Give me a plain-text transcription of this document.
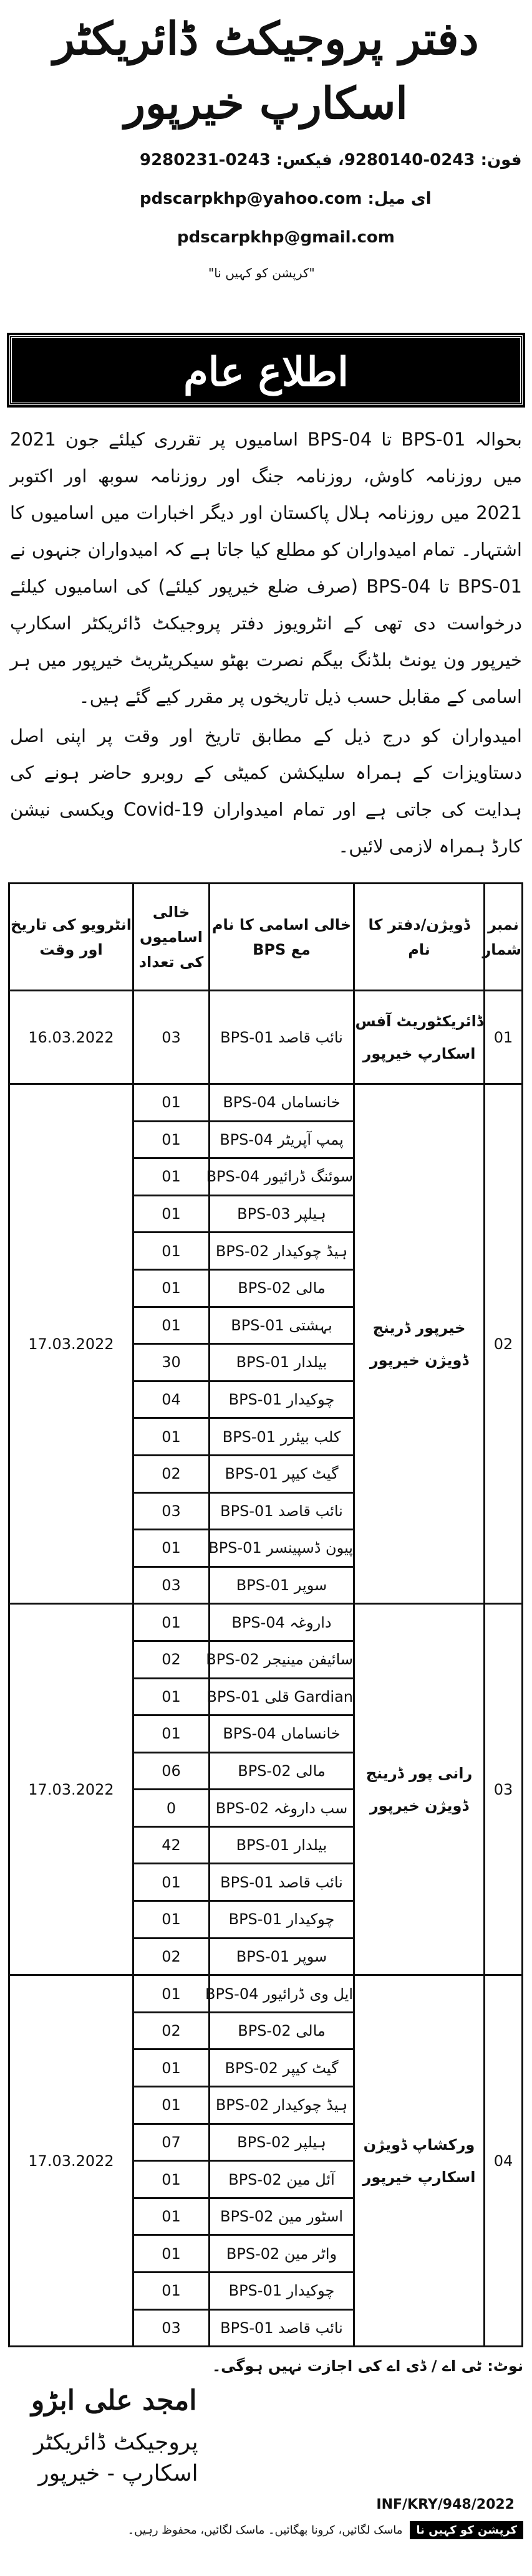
دفتر پروجیکٹ ڈائریکٹر
اسکارپ خیرپور
فون: 0243-9280140، فیکس: 0243-9280231
ای میل: pdscarpkhp@yahoo.com
pdscarpkhp@gmail.com
"کرپشن کو کہیں نا"
اطلاع عام
بحوالہ BPS-01 تا BPS-04 اسامیوں پر تقرری کیلئے جون 2021 میں روزنامہ کاوش، روزنامہ جنگ اور روزنامہ سوبھ اور اکتوبر 2021 میں روزنامہ ہلال پاکستان اور دیگر اخبارات میں اسامیوں کا اشتہار۔ تمام امیدواران کو مطلع کیا جاتا ہے کہ امیدواران جنہوں نے BPS-01 تا BPS-04 (صرف ضلع خیرپور کیلئے) کی اسامیوں کیلئے درخواست دی تھی کے انٹرویوز دفتر پروجیکٹ ڈائریکٹر اسکارپ خیرپور ون یونٹ بلڈنگ بیگم نصرت بھٹو سیکریٹریٹ خیرپور میں ہر اسامی کے مقابل حسب ذیل تاریخوں پر مقرر کیے گئے ہیں۔
امیدواران کو درج ذیل کے مطابق تاریخ اور وقت پر اپنی اصل دستاویزات کے ہمراہ سلیکشن کمیٹی کے روبرو حاضر ہونے کی ہدایت کی جاتی ہے اور تمام امیدواران Covid-19 ویکسی نیشن کارڈ ہمراہ لازمی لائیں۔
نمبر شمار	ڈویژن/دفتر کا نام	خالی اسامی کا نام مع BPS	خالی اسامیوں کی تعداد	انٹرویو کی تاریخ اور وقت
01	ڈائریکٹوریٹ آفس اسکارپ خیرپور	نائب قاصد BPS-01	03	16.03.2022
02	خیرپور ڈرینج ڈویژن خیرپور	خانساماں BPS-04	01	17.03.2022
		پمپ آپریٹر BPS-04	01	
		سوئنگ ڈرائیور BPS-04	01	
		ہیلپر BPS-03	01	
		ہیڈ چوکیدار BPS-02	01	
		مالی BPS-02	01	
		بہشتی BPS-01	01	
		بیلدار BPS-01	30	
		چوکیدار BPS-01	04	
		کلب بیئرر BPS-01	01	
		گیٹ کیپر BPS-01	02	
		نائب قاصد BPS-01	03	
		پیون ڈسپینسر BPS-01	01	
		سوپر BPS-01	03	
03	رانی پور ڈرینج ڈویژن خیرپور	داروغہ BPS-04	01	17.03.2022
		سائیفن مینیجر BPS-02	02	
		Gardian قلی BPS-01	01	
		خانساماں BPS-04	01	
		مالی BPS-02	06	
		سب داروغہ BPS-02	0	
		بیلدار BPS-01	42	
		نائب قاصد BPS-01	01	
		چوکیدار BPS-01	01	
		سوپر BPS-01	02	
04	ورکشاپ ڈویژن اسکارپ خیرپور	ایل وی ڈرائیور BPS-04	01	17.03.2022
		مالی BPS-02	02	
		گیٹ کیپر BPS-02	01	
		ہیڈ چوکیدار BPS-02	01	
		ہیلپر BPS-02	07	
		آئل مین BPS-02	01	
		اسٹور مین BPS-02	01	
		واٹر مین BPS-02	01	
		چوکیدار BPS-01	01	
		نائب قاصد BPS-01	03	
نوٹ: ٹی اے / ڈی اے کی اجازت نہیں ہوگی۔
امجد علی ابڑو
پروجیکٹ ڈائریکٹر
اسکارپ - خیرپور
INF/KRY/948/2022
کرپشن کو کہیں نا
ماسک لگائیں، کرونا بھگائیں۔ ماسک لگائیں، محفوظ رہیں۔
